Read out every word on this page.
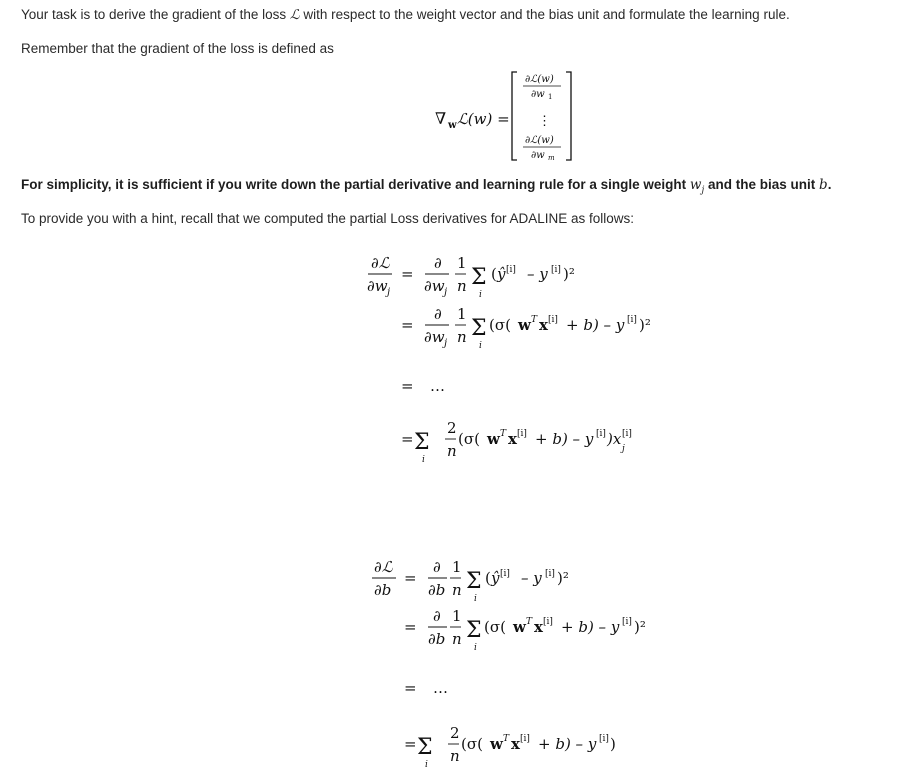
Your task is to derive the gradient of the loss ℒ with respect to the weight vector and the bias unit and formulate the learning rule.
Remember that the gradient of the loss is defined as
For simplicity, it is sufficient if you write down the partial derivative and learning rule for a single weight $w_j$ and the bias unit b.
To provide you with a hint, recall that we computed the partial Loss derivatives for ADALINE as follows:
∇ w ℒ(w) =
∂ℒ(w)
∂w 1
⋮
∂ℒ(w)
∂w m
∂ℒ
∂w j
=
∂
∂w j
1
n Σ
i
( ŷ [i] – y [i] )²
=
∂
∂w j
1
n Σ
i
(σ( w T x [i] + b) – y [i] )²
= …
= Σ
i
2
n
(σ( w T x [i] + b) – y [i] )x [i]
j
∂ℒ
∂b
=
∂
∂b
1
n Σ
i
( ŷ [i] – y [i] )²
=
∂
∂b
1
n Σ
i
(σ( w T x [i] + b) – y [i] )²
= …
= Σ
i
2
n
(σ( w T x [i] + b) – y [i] )
